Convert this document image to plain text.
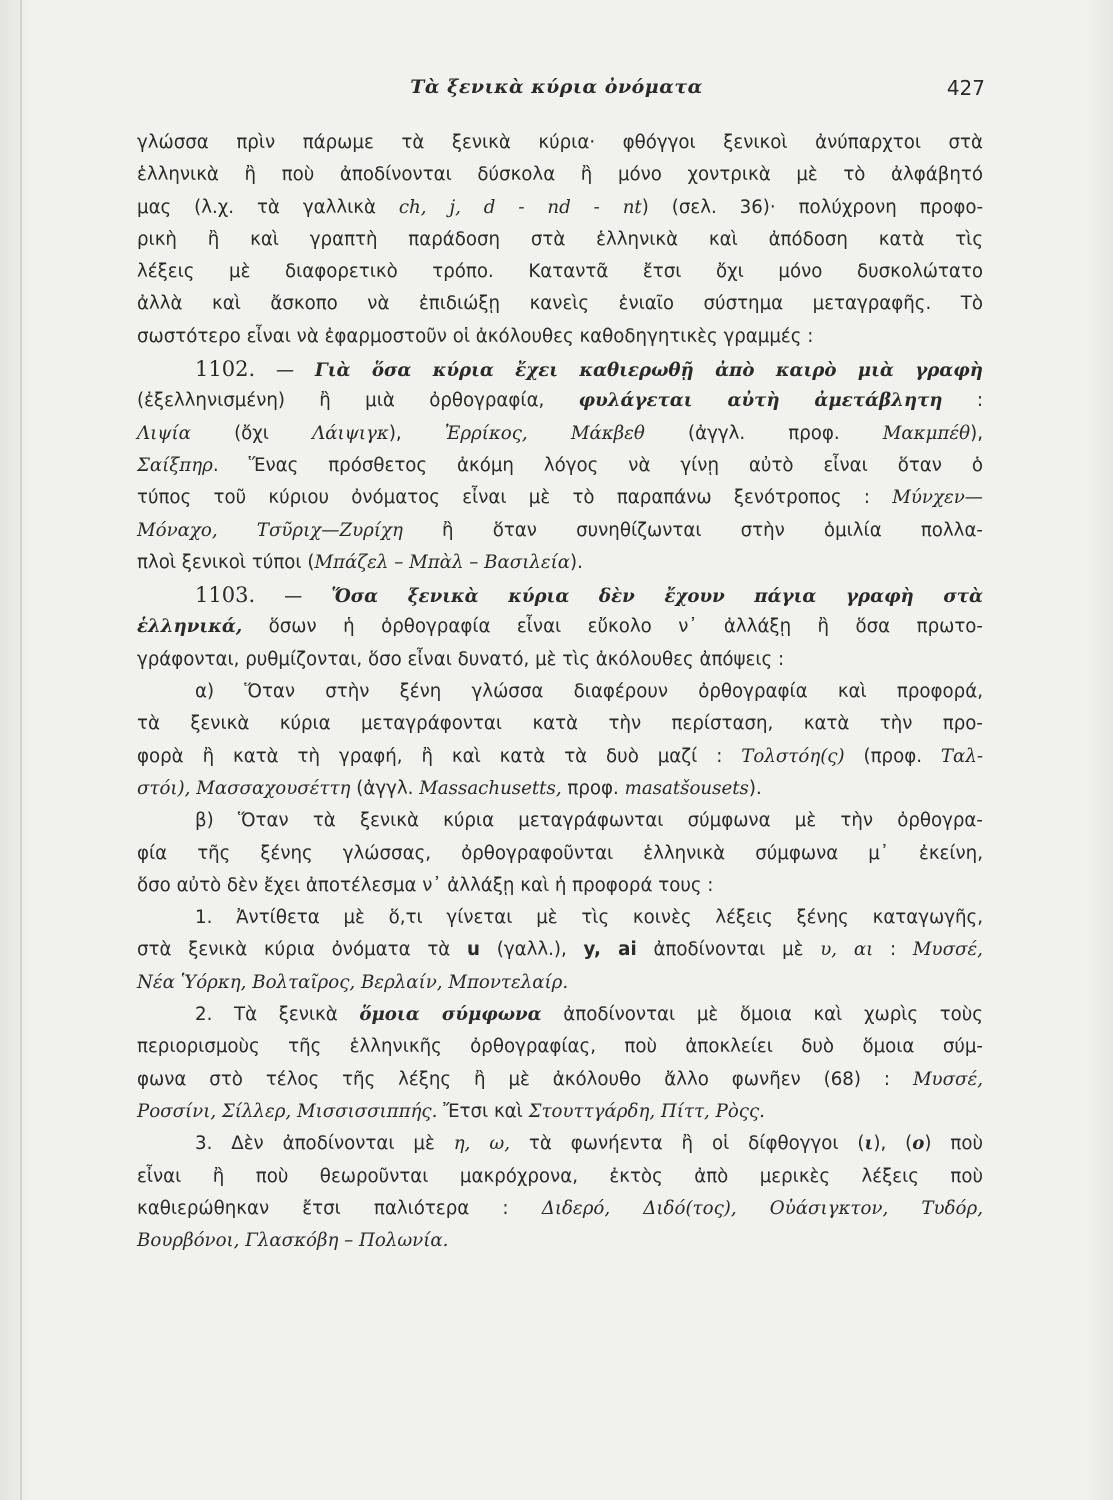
Τὰ ξενικὰ κύρια ὀνόματα	427
γλώσσα πρὶν πάρωμε τὰ ξενικὰ κύρια· φθόγγοι ξενικοὶ ἀνύπαρχτοι στὰ
ἑλληνικὰ ἢ ποὺ ἀποδίνονται δύσκολα ἢ μόνο χοντρικὰ μὲ τὸ ἀλφάβητό
μας (λ.χ. τὰ γαλλικὰ ch, j, d - nd - nt) (σελ. 36)· πολύχρονη προφο-
ρικὴ ἢ καὶ γραπτὴ παράδοση στὰ ἑλληνικὰ καὶ ἀπόδοση κατὰ τὶς
λέξεις μὲ διαφορετικὸ τρόπο. Καταντᾶ ἔτσι ὄχι μόνο δυσκολώτατο
ἀλλὰ καὶ ἄσκοπο νὰ ἐπιδιώξῃ κανεὶς ἑνιαῖο σύστημα μεταγραφῆς. Τὸ
σωστότερο εἶναι νὰ ἐφαρμοστοῦν οἱ ἀκόλουθες καθοδηγητικὲς γραμμές :
1102. — Γιὰ ὅσα κύρια ἔχει καθιερωθῇ ἀπὸ καιρὸ μιὰ γραφὴ
(ἐξελληνισμένη) ἢ μιὰ ὀρθογραφία, φυλάγεται αὐτὴ ἀμετάβλητη :
Λιψία (ὄχι Λάιψιγκ), Ἐρρίκος, Μάκβεθ (ἀγγλ. προφ. Μακμπέθ),
Σαίξπηρ. Ἕνας πρόσθετος ἀκόμη λόγος νὰ γίνῃ αὐτὸ εἶναι ὅταν ὁ
τύπος τοῦ κύριου ὀνόματος εἶναι μὲ τὸ παραπάνω ξενότροπος : Μύνχεν—
Μόναχο, Τσῦριχ—Ζυρίχη ἢ ὅταν συνηθίζωνται στὴν ὁμιλία πολλα-
πλοὶ ξενικοὶ τύποι (Μπάζελ – Μπὰλ – Βασιλεία).
1103. — Ὅσα ξενικὰ κύρια δὲν ἔχουν πάγια γραφὴ στὰ
ἑλληνικά, ὅσων ἡ ὀρθογραφία εἶναι εὔκολο ν᾽ ἀλλάξῃ ἢ ὅσα πρωτο-
γράφονται, ρυθμίζονται, ὅσο εἶναι δυνατό, μὲ τὶς ἀκόλουθες ἀπόψεις :
α) Ὅταν στὴν ξένη γλώσσα διαφέρουν ὀρθογραφία καὶ προφορά,
τὰ ξενικὰ κύρια μεταγράφονται κατὰ τὴν περίσταση, κατὰ τὴν προ-
φορὰ ἢ κατὰ τὴ γραφή, ἢ καὶ κατὰ τὰ δυὸ μαζί : Τολστόη(ς) (προφ. Ταλ-
στόι), Μασσαχουσέττη (ἀγγλ. Massachusetts, προφ. masatšousets).
β) Ὅταν τὰ ξενικὰ κύρια μεταγράφωνται σύμφωνα μὲ τὴν ὀρθογρα-
φία τῆς ξένης γλώσσας, ὀρθογραφοῦνται ἑλληνικὰ σύμφωνα μ᾽ ἐκείνη,
ὅσο αὐτὸ δὲν ἔχει ἀποτέλεσμα ν᾽ ἀλλάξῃ καὶ ἡ προφορά τους :
1. Ἀντίθετα μὲ ὅ,τι γίνεται μὲ τὶς κοινὲς λέξεις ξένης καταγωγῆς,
στὰ ξενικὰ κύρια ὀνόματα τὰ u (γαλλ.), y, ai ἀποδίνονται μὲ υ, αι : Μυσσέ,
Νέα Ὑόρκη, Βολταῖρος, Βερλαίν, Μποντελαίρ.
2. Τὰ ξενικὰ ὅμοια σύμφωνα ἀποδίνονται μὲ ὅμοια καὶ χωρὶς τοὺς
περιορισμοὺς τῆς ἑλληνικῆς ὀρθογραφίας, ποὺ ἀποκλείει δυὸ ὅμοια σύμ-
φωνα στὸ τέλος τῆς λέξης ἢ μὲ ἀκόλουθο ἄλλο φωνῆεν (68) : Μυσσέ,
Ροσσίνι, Σίλλερ, Μισσισσιππής. Ἔτσι καὶ Στουττγάρδη, Πίττ, Ρὸςς.
3. Δὲν ἀποδίνονται μὲ η, ω, τὰ φωνήεντα ἢ οἱ δίφθογγοι (ι), (ο) ποὺ
εἶναι ἢ ποὺ θεωροῦνται μακρόχρονα, ἐκτὸς ἀπὸ μερικὲς λέξεις ποὺ
καθιερώθηκαν ἔτσι παλιότερα : Διδερό, Διδό(τος), Οὐάσιγκτον, Τυδόρ,
Βουρβόνοι, Γλασκόβη – Πολωνία.
